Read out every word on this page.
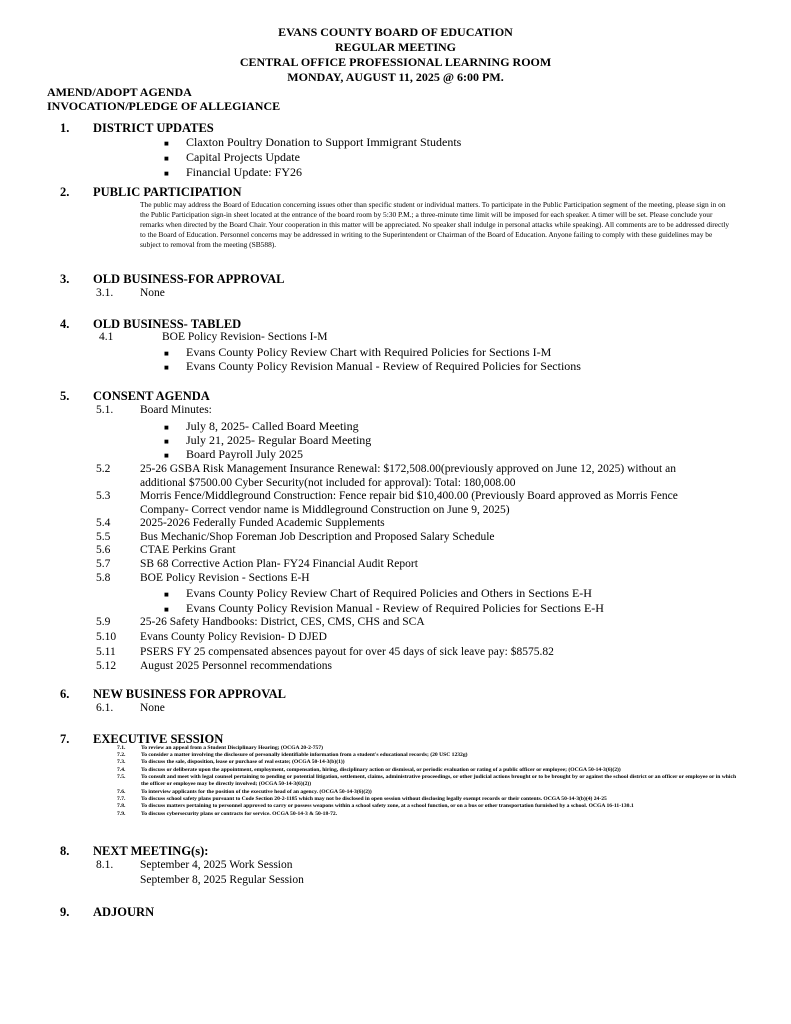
EVANS COUNTY BOARD OF EDUCATION
REGULAR MEETING
CENTRAL OFFICE PROFESSIONAL LEARNING ROOM
MONDAY, AUGUST 11, 2025 @ 6:00 PM.
AMEND/ADOPT AGENDA
INVOCATION/PLEDGE OF ALLEGIANCE
1. DISTRICT UPDATES
■ Claxton Poultry Donation to Support Immigrant Students
■ Capital Projects Update
■ Financial Update: FY26
2. PUBLIC PARTICIPATION
The public may address the Board of Education concerning issues other than specific student or individual matters. To participate in the Public Participation segment of the meeting, please sign in on the Public Participation sign-in sheet located at the entrance of the board room by 5:30 P.M.; a three-minute time limit will be imposed for each speaker. A timer will be set. Please conclude your remarks when directed by the Board Chair. Your cooperation in this matter will be appreciated. No speaker shall indulge in personal attacks while speaking). All comments are to be addressed directly to the Board of Education. Personnel concerns may be addressed in writing to the Superintendent or Chairman of the Board of Education. Anyone failing to comply with these guidelines may be subject to removal from the meeting (SB588).
3. OLD BUSINESS-FOR APPROVAL
3.1. None
4. OLD BUSINESS- TABLED
4.1	BOE Policy Revision- Sections I-M
■ Evans County Policy Review Chart with Required Policies for Sections I-M
■ Evans County Policy Revision Manual - Review of Required Policies for Sections
5. CONSENT AGENDA
5.1. Board Minutes:
■ July 8, 2025- Called Board Meeting
■ July 21, 2025- Regular Board Meeting
■ Board Payroll July 2025
5.2	25-26 GSBA Risk Management Insurance Renewal: $172,508.00(previously approved on June 12, 2025) without an additional $7500.00 Cyber Security(not included for approval): Total: 180,008.00
5.3	Morris Fence/Middleground Construction: Fence repair bid $10,400.00 (Previously Board approved as Morris Fence Company- Correct vendor name is Middleground Construction on June 9, 2025)
5.4	2025-2026 Federally Funded Academic Supplements
5.5	Bus Mechanic/Shop Foreman Job Description and Proposed Salary Schedule
5.6	CTAE Perkins Grant
5.7	SB 68 Corrective Action Plan- FY24 Financial Audit Report
5.8	BOE Policy Revision - Sections E-H
■ Evans County Policy Review Chart of Required Policies and Others in Sections E-H
■ Evans County Policy Revision Manual - Review of Required Policies for Sections E-H
5.9	25-26 Safety Handbooks: District, CES, CMS, CHS and SCA
5.10 Evans County Policy Revision- D DJED
5.11 PSERS FY 25 compensated absences payout for over 45 days of sick leave pay: $8575.82
5.12 August 2025 Personnel recommendations
6. NEW BUSINESS FOR APPROVAL
6.1. None
7. EXECUTIVE SESSION
7.1.	To review an appeal from a Student Disciplinary Hearing; (OCGA 20-2-757)
7.2.	To consider a matter involving the disclosure of personally identifiable information from a student's educational records; (20 USC 1232g)
7.3.	To discuss the sale, disposition, lease or purchase of real estate; (OCGA 50-14-3(b)(1))
7.4.	To discuss or deliberate upon the appointment, employment, compensation, hiring, disciplinary action or dismissal, or periodic evaluation or rating of a public officer or employee; (OCGA 50-14-3(6)(2))
7.5.	To consult and meet with legal counsel pertaining to pending or potential litigation, settlement, claims, administrative proceedings, or other judicial actions brought or to be brought by or against the school district or an officer or employee or in which the officer or employee may be directly involved; (OCGA 50-14-3(6)(2))
7.6.	To interview applicants for the position of the executive head of an agency. (OCGA 50-14-3(6)(2))
7.7.	To discuss school safety plans pursuant to Code Section 20-2-1185 which may not be disclosed in open session without disclosing legally exempt records or their contents. OCGA 50-14-3(b)(4) 24-25
7.8.	To discuss matters pertaining to personnel approved to carry or possess weapons within a school safety zone, at a school function, or on a bus or other transportation furnished by a school. OCGA 16-11-130.1
7.9.	To discuss cybersecurity plans or contracts for service. OCGA 50-14-3 & 50-18-72.
8. NEXT MEETING(s):
8.1. September 4, 2025 Work Session
September 8, 2025 Regular Session
9. ADJOURN
